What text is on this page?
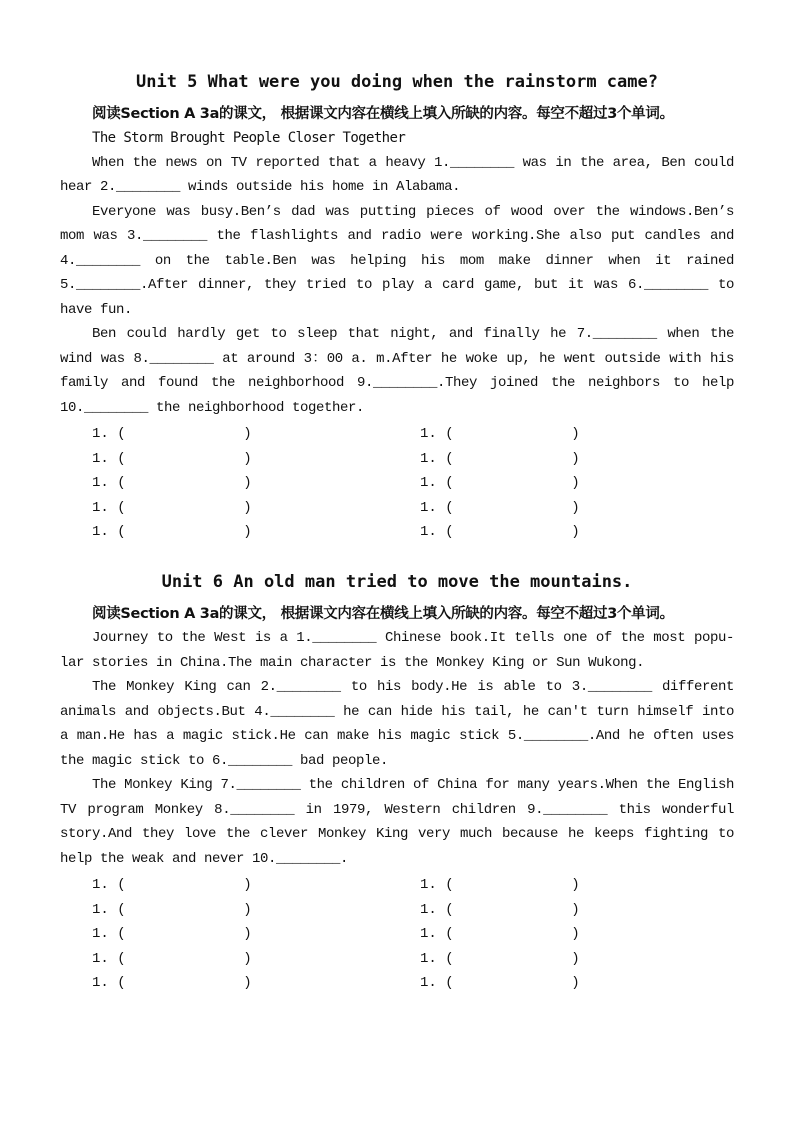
Unit 5 What were you doing when the rainstorm came?

阅读Section A 3a的课文， 根据课文内容在横线上填入所缺的内容。每空不超过3个单词。

The Storm Brought People Closer Together

When the news on TV reported that a heavy 1.________ was in the area, Ben could hear 2.________ winds outside his home in Alabama.

Everyone was busy.Ben’s dad was putting pieces of wood over the windows.Ben’s mom was 3.________ the flashlights and radio were working.She also put candles and 4.________ on the table.Ben was helping his mom make dinner when it rained 5.________.After dinner, they tried to play a card game, but it was 6.________ to have fun.

Ben could hardly get to sleep that night, and finally he 7.________ when the wind was 8.________ at around 3：00 a. m.After he woke up, he went outside with his family and found the neighborhood 9.________.They joined the neighbors to help 10.________ the neighborhood together.

1. (              )	1. (              )
1. (              )	1. (              )
1. (              )	1. (              )
1. (              )	1. (              )
1. (              )	1. (              )
Unit 6 An old man tried to move the mountains.

阅读Section A 3a的课文， 根据课文内容在横线上填入所缺的内容。每空不超过3个单词。

Journey to the West is a 1.________ Chinese book.It tells one of the most popu-lar stories in China.The main character is the Monkey King or Sun Wukong.

The Monkey King can 2.________ to his body.He is able to 3.________ different animals and objects.But 4.________ he can hide his tail, he can't turn himself into a man.He has a magic stick.He can make his magic stick 5.________.And he often uses the magic stick to 6.________ bad people.

The Monkey King 7.________ the children of China for many years.When the English TV program Monkey 8.________ in 1979, Western children 9.________ this wonderful story.And they love the clever Monkey King very much because he keeps fighting to help the weak and never 10.________.

1. (              )	1. (              )
1. (              )	1. (              )
1. (              )	1. (              )
1. (              )	1. (              )
1. (              )	1. (              )
